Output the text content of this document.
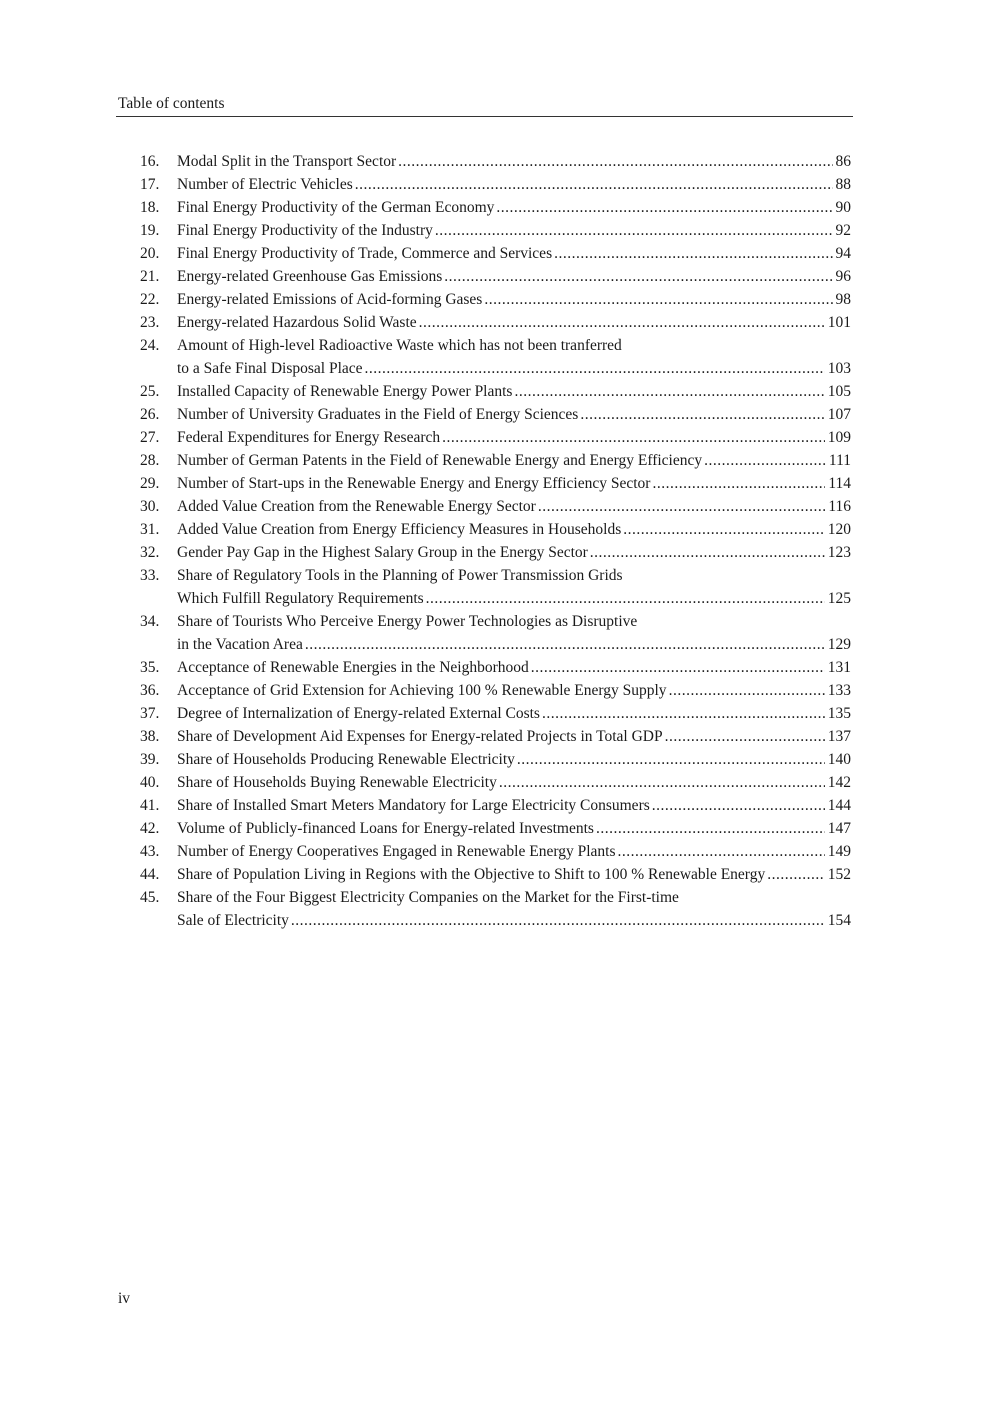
Table of contents
16.	Modal Split in the Transport Sector .....	86
17.	Number of Electric Vehicles .....	88
18.	Final Energy Productivity of the German Economy .....	90
19.	Final Energy Productivity of the Industry .....	92
20.	Final Energy Productivity of Trade, Commerce and Services .....	94
21.	Energy-related Greenhouse Gas Emissions .....	96
22.	Energy-related Emissions of Acid-forming Gases .....	98
23.	Energy-related Hazardous Solid Waste .....	101
24.	Amount of High-level Radioactive Waste which has not been tranferred
to a Safe Final Disposal Place .....	103
25.	Installed Capacity of Renewable Energy Power Plants .....	105
26.	Number of University Graduates in the Field of Energy Sciences .....	107
27.	Federal Expenditures for Energy Research .....	109
28.	Number of German Patents in the Field of Renewable Energy and Energy Efficiency .....	111
29.	Number of Start-ups in the Renewable Energy and Energy Efficiency Sector .....	114
30.	Added Value Creation from the Renewable Energy Sector .....	116
31.	Added Value Creation from Energy Efficiency Measures in Households .....	120
32.	Gender Pay Gap in the Highest Salary Group in the Energy Sector .....	123
33.	Share of Regulatory Tools in the Planning of Power Transmission Grids
Which Fulfill Regulatory Requirements .....	125
34.	Share of Tourists Who Perceive Energy Power Technologies as Disruptive
in the Vacation Area .....	129
35.	Acceptance of Renewable Energies in the Neighborhood .....	131
36.	Acceptance of Grid Extension for Achieving 100 % Renewable Energy Supply .....	133
37.	Degree of Internalization of Energy-related External Costs .....	135
38.	Share of Development Aid Expenses for Energy-related Projects in Total GDP .....	137
39.	Share of Households Producing Renewable Electricity .....	140
40.	Share of Households Buying Renewable Electricity .....	142
41.	Share of Installed Smart Meters Mandatory for Large Electricity Consumers .....	144
42.	Volume of Publicly-financed Loans for Energy-related Investments .....	147
43.	Number of Energy Cooperatives Engaged in Renewable Energy Plants .....	149
44.	Share of Population Living in Regions with the Objective to Shift to 100 % Renewable Energy .....	152
45.	Share of the Four Biggest Electricity Companies on the Market for the First-time
Sale of Electricity .....	154
iv
